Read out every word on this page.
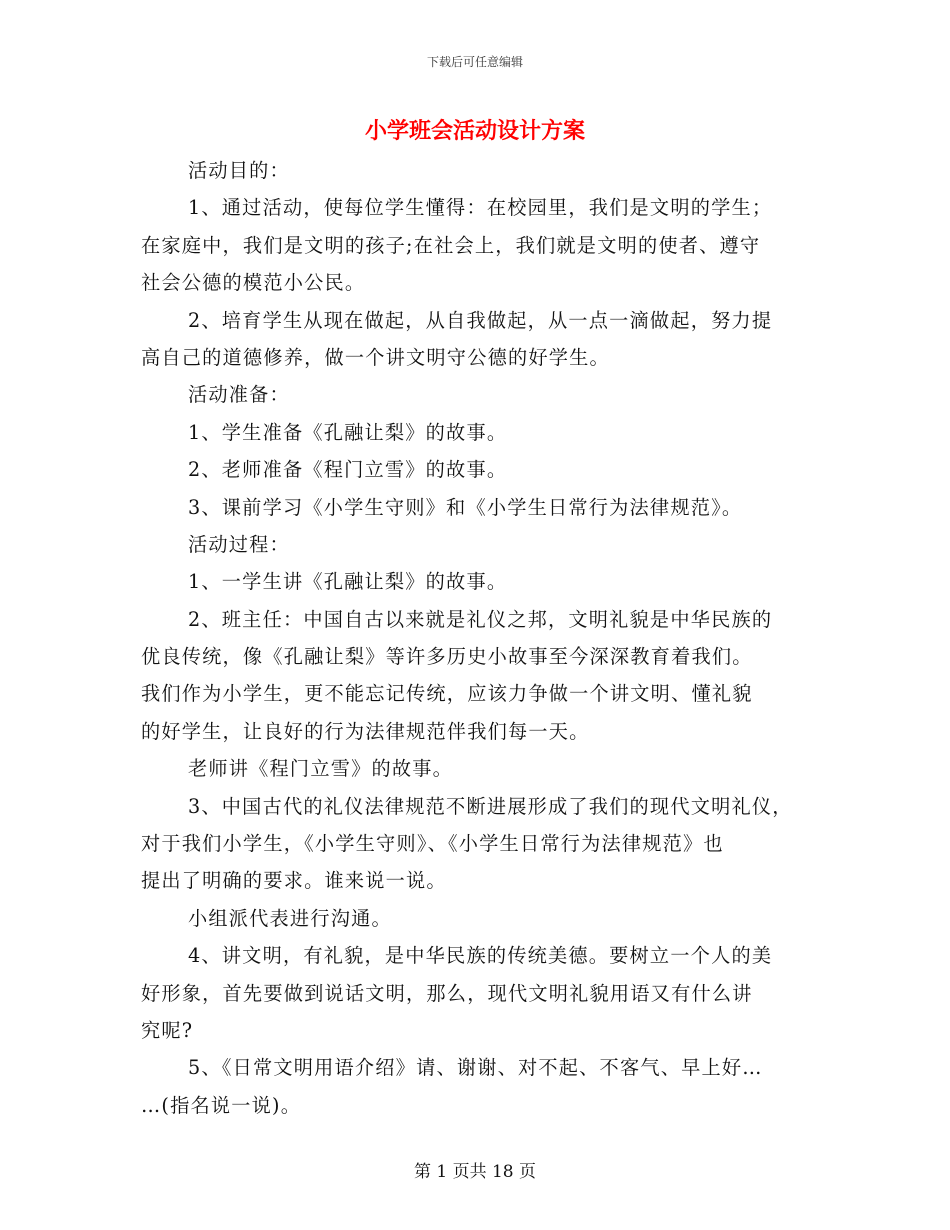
下载后可任意编辑
小学班会活动设计方案
活动目的：
1、通过活动，使每位学生懂得：在校园里，我们是文明的学生；
在家庭中，我们是文明的孩子;在社会上，我们就是文明的使者、遵守
社会公德的模范小公民。
2、培育学生从现在做起，从自我做起，从一点一滴做起，努力提
高自己的道德修养，做一个讲文明守公德的好学生。
活动准备：
1、学生准备《孔融让梨》的故事。
2、老师准备《程门立雪》的故事。
3、课前学习《小学生守则》和《小学生日常行为法律规范》。
活动过程：
1、一学生讲《孔融让梨》的故事。
2、班主任：中国自古以来就是礼仪之邦，文明礼貌是中华民族的
优良传统，像《孔融让梨》等许多历史小故事至今深深教育着我们。
我们作为小学生，更不能忘记传统，应该力争做一个讲文明、懂礼貌
的好学生，让良好的行为法律规范伴我们每一天。
老师讲《程门立雪》的故事。
3、中国古代的礼仪法律规范不断进展形成了我们的现代文明礼仪，
对于我们小学生，《小学生守则》、《小学生日常行为法律规范》也
提出了明确的要求。谁来说一说。
小组派代表进行沟通。
4、讲文明，有礼貌，是中华民族的传统美德。要树立一个人的美
好形象，首先要做到说话文明，那么，现代文明礼貌用语又有什么讲
究呢?
5、《日常文明用语介绍》请、谢谢、对不起、不客气、早上好…
…(指名说一说)。
第 1 页共 18 页
